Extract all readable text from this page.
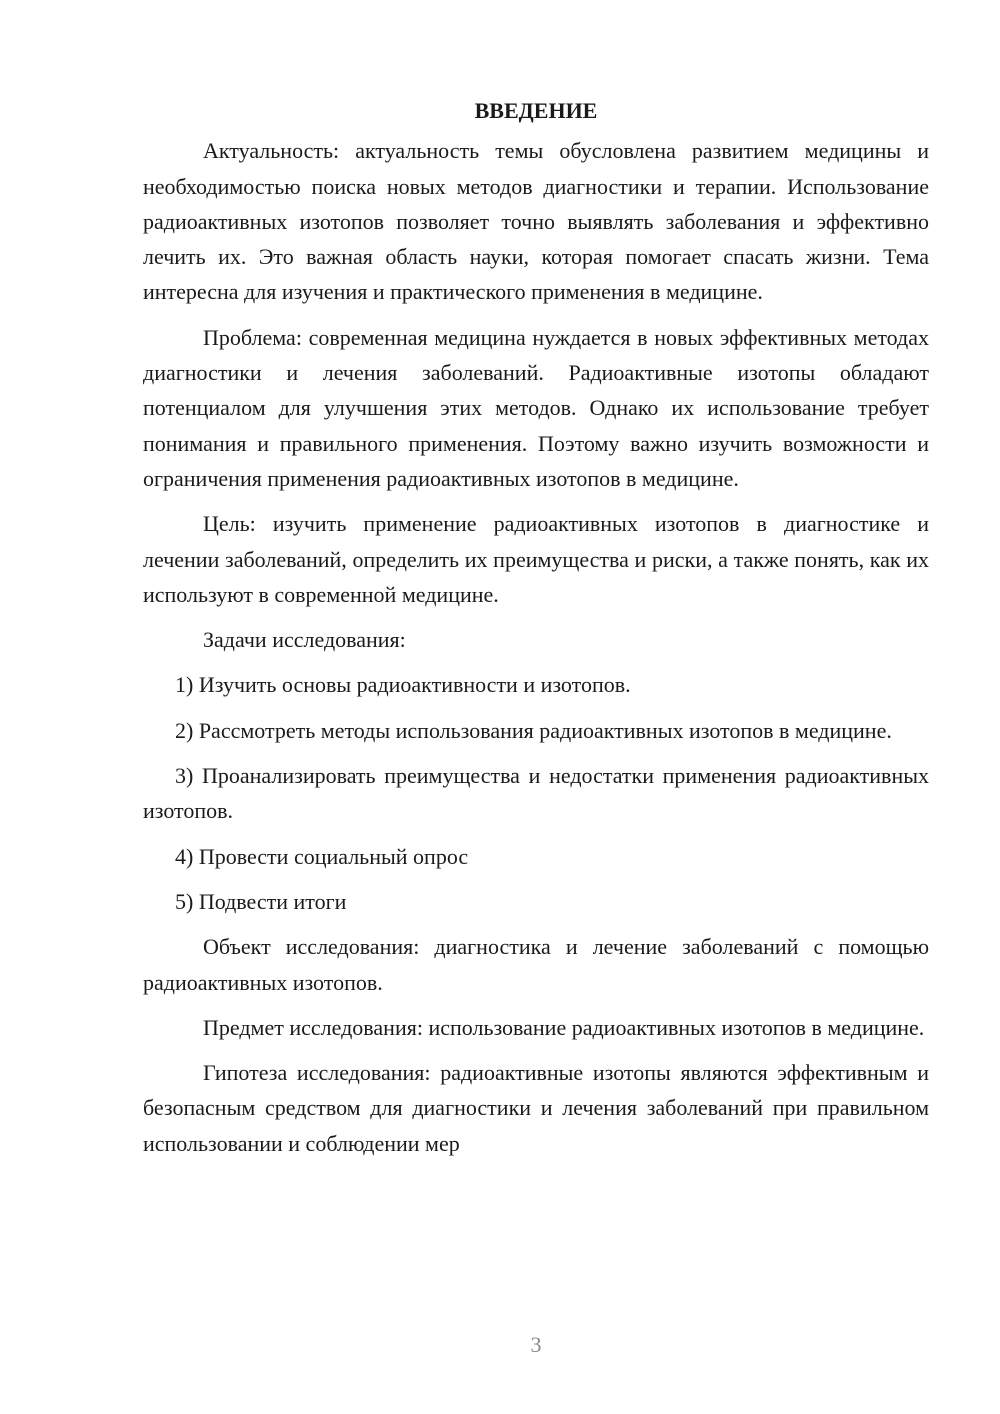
ВВЕДЕНИЕ

Актуальность: актуальность темы обусловлена развитием медицины и необходимостью поиска новых методов диагностики и терапии. Использование радиоактивных изотопов позволяет точно выявлять заболевания и эффективно лечить их. Это важная область науки, которая помогает спасать жизни. Тема интересна для изучения и практического применения в медицине.

Проблема: современная медицина нуждается в новых эффективных методах диагностики и лечения заболеваний. Радиоактивные изотопы обладают потенциалом для улучшения этих методов. Однако их использование требует понимания и правильного применения. Поэтому важно изучить возможности и ограничения применения радиоактивных изотопов в медицине.

Цель: изучить применение радиоактивных изотопов в диагностике и лечении заболеваний, определить их преимущества и риски, а также понять, как их используют в современной медицине.

Задачи исследования:

1) Изучить основы радиоактивности и изотопов.

2) Рассмотреть методы использования радиоактивных изотопов в медицине.

3) Проанализировать преимущества и недостатки применения радиоактивных изотопов.

4) Провести социальный опрос

5) Подвести итоги

Объект исследования: диагностика и лечение заболеваний с помощью радиоактивных изотопов.

Предмет исследования: использование радиоактивных изотопов в медицине.

Гипотеза исследования: радиоактивные изотопы являются эффективным и безопасным средством для диагностики и лечения заболеваний при правильном использовании и соблюдении мер

3
